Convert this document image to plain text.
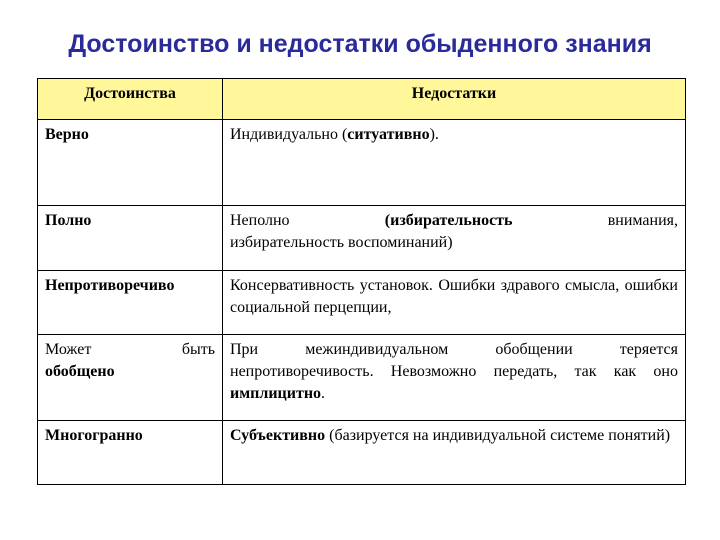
Достоинство и недостатки обыденного знания
Достоинства	Недостатки
Верно	Индивидуально (ситуативно).
Полно	Неполно (избирательность внимания,
избирательность воспоминаний)

Непротиворечиво	Консервативность установок. Ошибки здравого смысла, ошибки социальной перцепции,

Может быть
обобщено	При межиндивидуальном обобщении теряется непротиворечивость. Невозможно передать, так как оно имплицитно.
Многогранно	Субъективно (базируется на индивидуальной системе понятий)
